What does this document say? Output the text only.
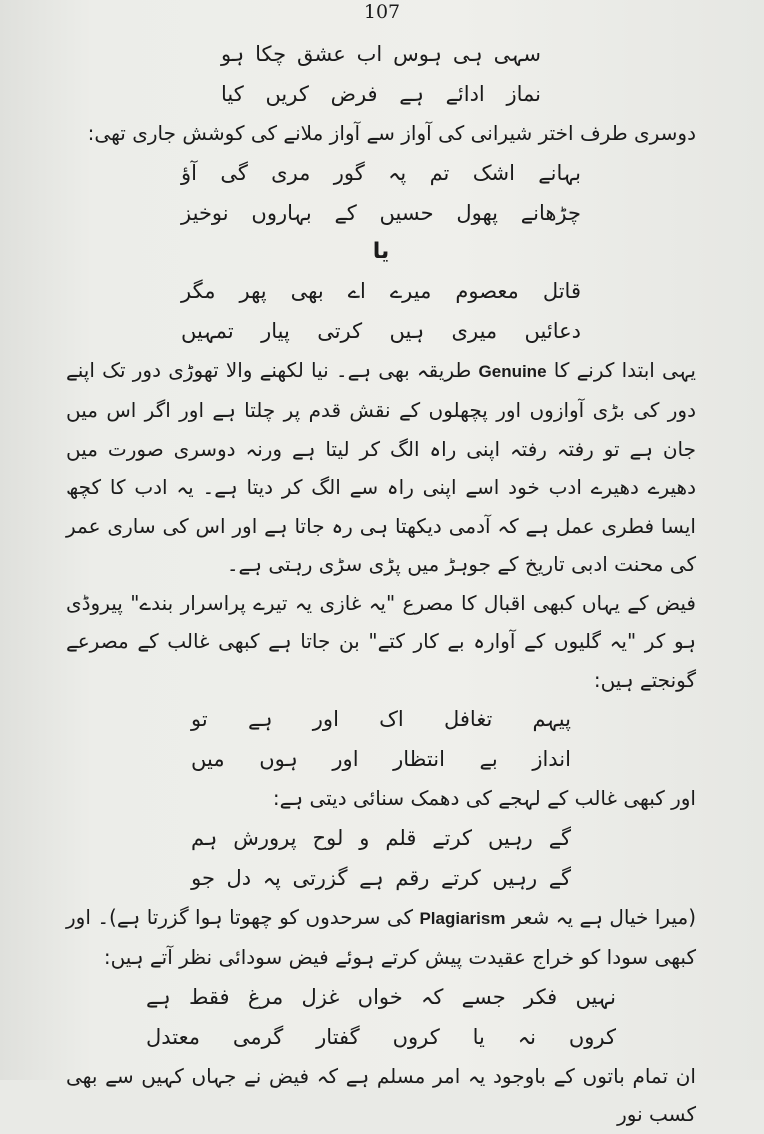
107
ہو چکا عشق اب ہوس ہی سہی
کیا کریں فرض ہے ادائے نماز

دوسری طرف اختر شیرانی کی آواز سے آواز ملانے کی کوشش جاری تھی:

آؤ گی مری گور پہ تم اشک بہانے
نوخیز بہاروں کے حسیں پھول چڑھانے
یا
مگر پھر بھی اے میرے معصوم قاتل
تمہیں پیار کرتی ہیں میری دعائیں

یہی ابتدا کرنے کا Genuine طریقہ بھی ہے۔ نیا لکھنے والا تھوڑی دور تک اپنے دور کی بڑی آوازوں اور پچھلوں کے نقش قدم پر چلتا ہے اور اگر اس میں جان ہے تو رفتہ رفتہ اپنی راہ الگ کر لیتا ہے ورنہ دوسری صورت میں دھیرے دھیرے ادب خود اسے اپنی راہ سے الگ کر دیتا ہے۔ یہ ادب کا کچھ ایسا فطری عمل ہے کہ آدمی دیکھتا ہی رہ جاتا ہے اور اس کی ساری عمر کی محنت ادبی تاریخ کے جوہڑ میں پڑی سڑی رہتی ہے۔

فیض کے یہاں کبھی اقبال کا مصرع "یہ غازی یہ تیرے پراسرار بندے" پیروڈی ہو کر "یہ گلیوں کے آوارہ بے کار کتے" بن جاتا ہے کبھی غالب کے مصرعے گونجتے ہیں:

تو ہے اور اک تغافل پیہم
میں ہوں اور انتظار بے انداز

اور کبھی غالب کے لہجے کی دھمک سنائی دیتی ہے:

ہم پرورش لوح و قلم کرتے رہیں گے
جو دل پہ گزرتی ہے رقم کرتے رہیں گے

(میرا خیال ہے یہ شعر Plagiarism کی سرحدوں کو چھوتا ہوا گزرتا ہے)۔ اور کبھی سودا کو خراج عقیدت پیش کرتے ہوئے فیض سودائی نظر آتے ہیں:

ہے فقط مرغ غزل خواں کہ جسے فکر نہیں
معتدل گرمی گفتار کروں یا نہ کروں

ان تمام باتوں کے باوجود یہ امر مسلم ہے کہ فیض نے جہاں کہیں سے بھی کسب نور
